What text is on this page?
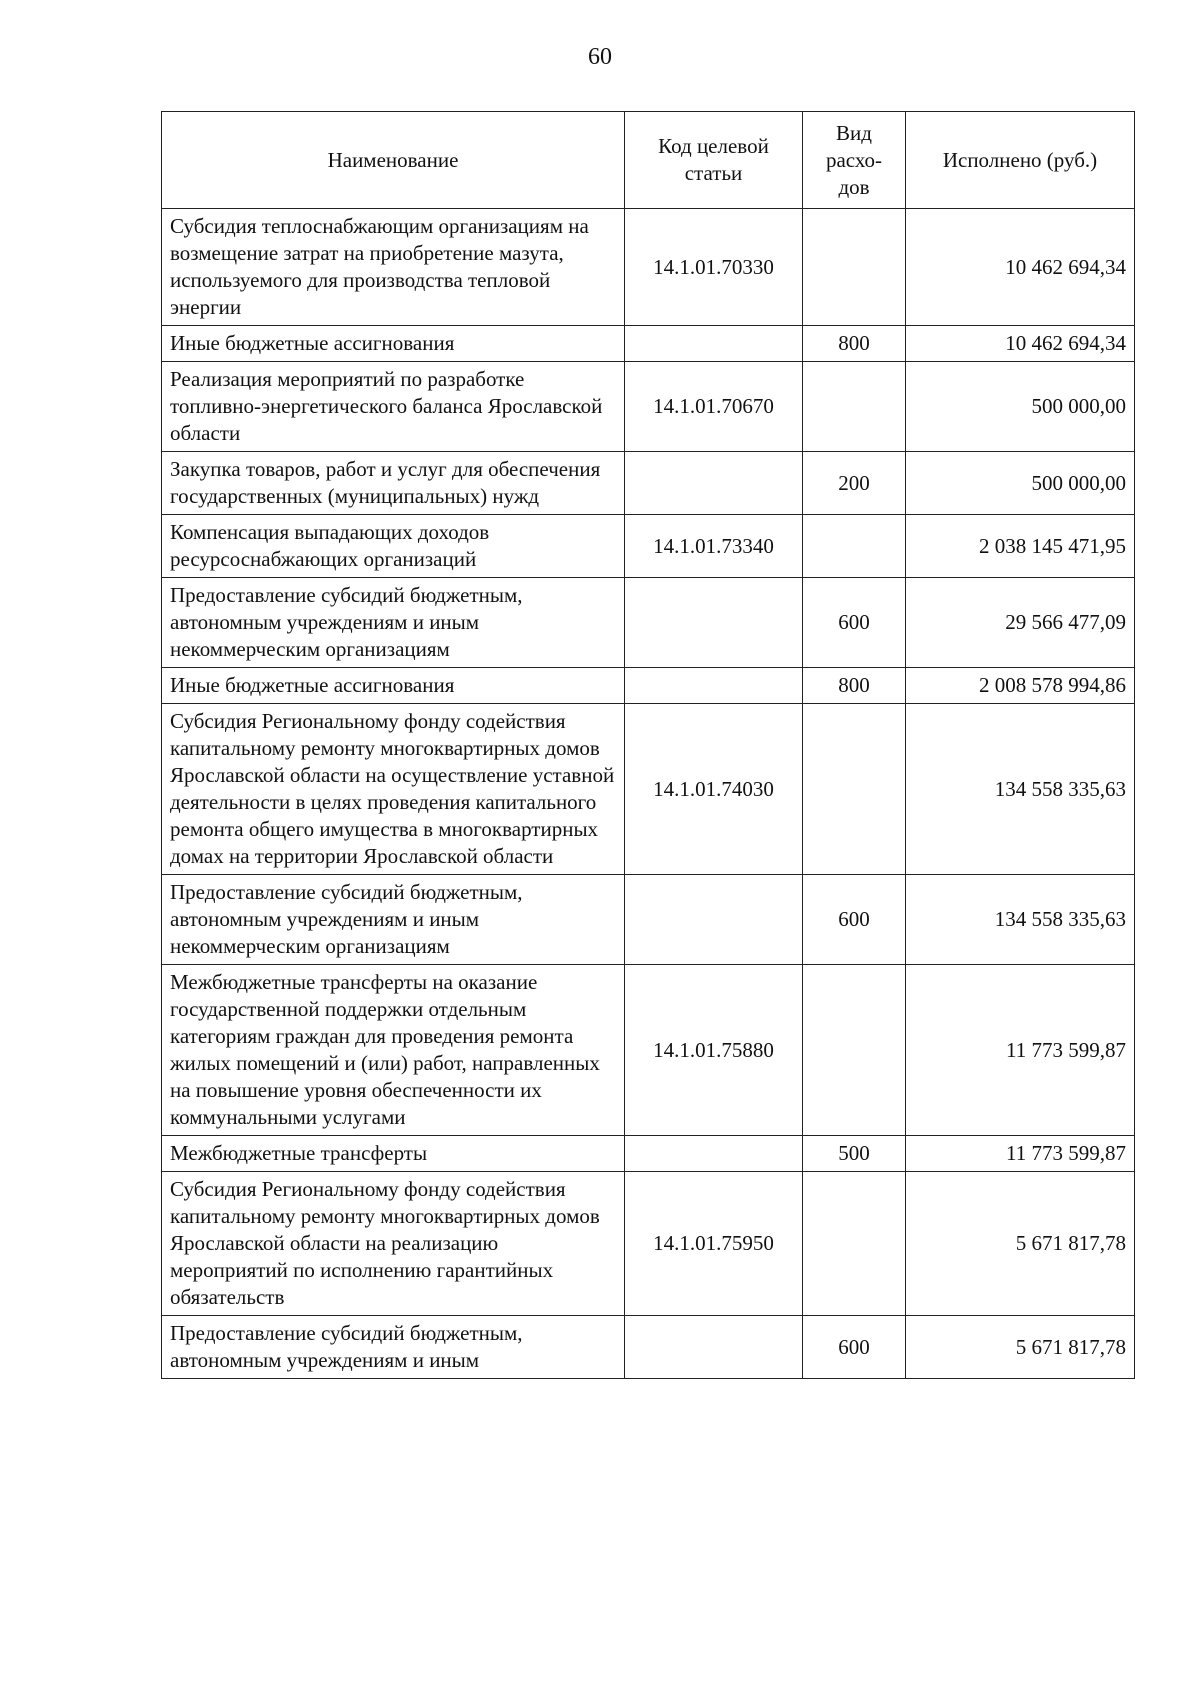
60
Наименование	Код целевой статьи	Вид расхо-дов	Исполнено (руб.)
Субсидия теплоснабжающим организациям на возмещение затрат на приобретение мазута, используемого для производства тепловой энергии	14.1.01.70330		10 462 694,34
Иные бюджетные ассигнования		800	10 462 694,34
Реализация мероприятий по разработке топливно-энергетического баланса Ярославской области	14.1.01.70670		500 000,00
Закупка товаров, работ и услуг для обеспечения государственных (муниципальных) нужд		200	500 000,00
Компенсация выпадающих доходов ресурсоснабжающих организаций	14.1.01.73340		2 038 145 471,95
Предоставление субсидий бюджетным, автономным учреждениям и иным некоммерческим организациям		600	29 566 477,09
Иные бюджетные ассигнования		800	2 008 578 994,86
Субсидия Региональному фонду содействия капитальному ремонту многоквартирных домов Ярославской области на осуществление уставной деятельности в целях проведения капитального ремонта общего имущества в многоквартирных домах на территории Ярославской области	14.1.01.74030		134 558 335,63
Предоставление субсидий бюджетным, автономным учреждениям и иным некоммерческим организациям		600	134 558 335,63
Межбюджетные трансферты на оказание государственной поддержки отдельным категориям граждан для проведения ремонта жилых помещений и (или) работ, направленных на повышение уровня обеспеченности их коммунальными услугами	14.1.01.75880		11 773 599,87
Межбюджетные трансферты		500	11 773 599,87
Субсидия Региональному фонду содействия капитальному ремонту многоквартирных домов Ярославской области на реализацию мероприятий по исполнению гарантийных обязательств	14.1.01.75950		5 671 817,78
Предоставление субсидий бюджетным, автономным учреждениям и иным		600	5 671 817,78
